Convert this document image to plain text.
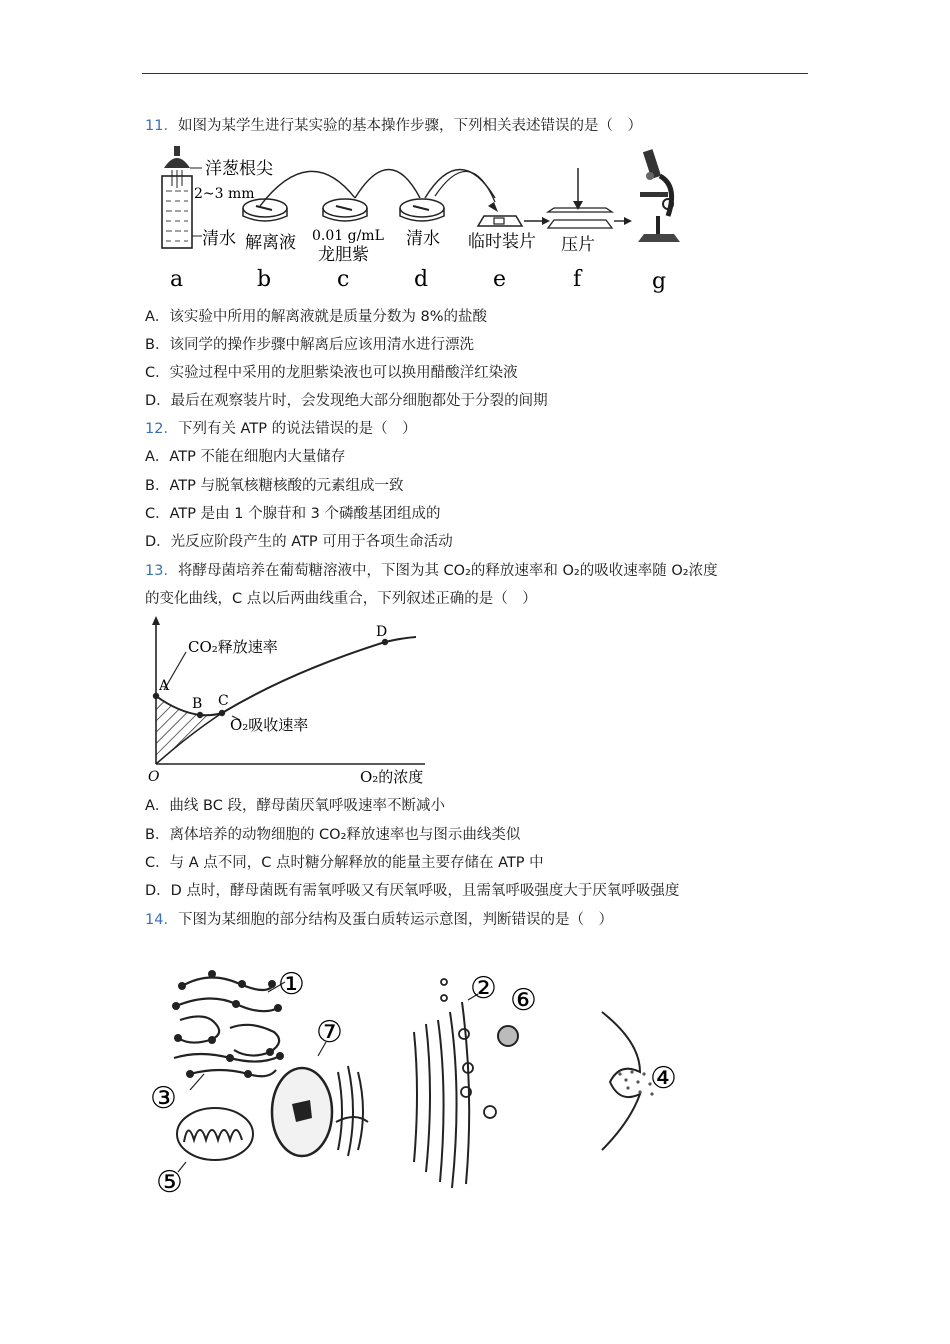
11．如图为某学生进行某实验的基本操作步骤，下列相关表述错误的是（　）
洋葱根尖
2~3 mm
清水 解离液 0.01 g/mL
龙胆紫
清水 临时装片 压片
a	b	c	d	e	f	g
A．该实验中所用的解离液就是质量分数为 8%的盐酸
B．该同学的操作步骤中解离后应该用清水进行漂洗
C．实验过程中采用的龙胆紫染液也可以换用醋酸洋红染液
D．最后在观察装片时，会发现绝大部分细胞都处于分裂的间期
12．下列有关 ATP 的说法错误的是（　）
A．ATP 不能在细胞内大量储存
B．ATP 与脱氧核糖核酸的元素组成一致
C．ATP 是由 1 个腺苷和 3 个磷酸基团组成的
D．光反应阶段产生的 ATP 可用于各项生命活动
13．将酵母菌培养在葡萄糖溶液中，下图为其 CO₂的释放速率和 O₂的吸收速率随 O₂浓度
的变化曲线，C 点以后两曲线重合，下列叙述正确的是（　）
A
B C
D
CO₂释放速率
O₂吸收速率
O	O₂的浓度
A．曲线 BC 段，酵母菌厌氧呼吸速率不断减小
B．离体培养的动物细胞的 CO₂释放速率也与图示曲线类似
C．与 A 点不同，C 点时糖分解释放的能量主要存储在 ATP 中
D．D 点时，酵母菌既有需氧呼吸又有厌氧呼吸，且需氧呼吸强度大于厌氧呼吸强度
14．下图为某细胞的部分结构及蛋白质转运示意图，判断错误的是（　）
①	②
③
④
⑤
⑥
⑦
